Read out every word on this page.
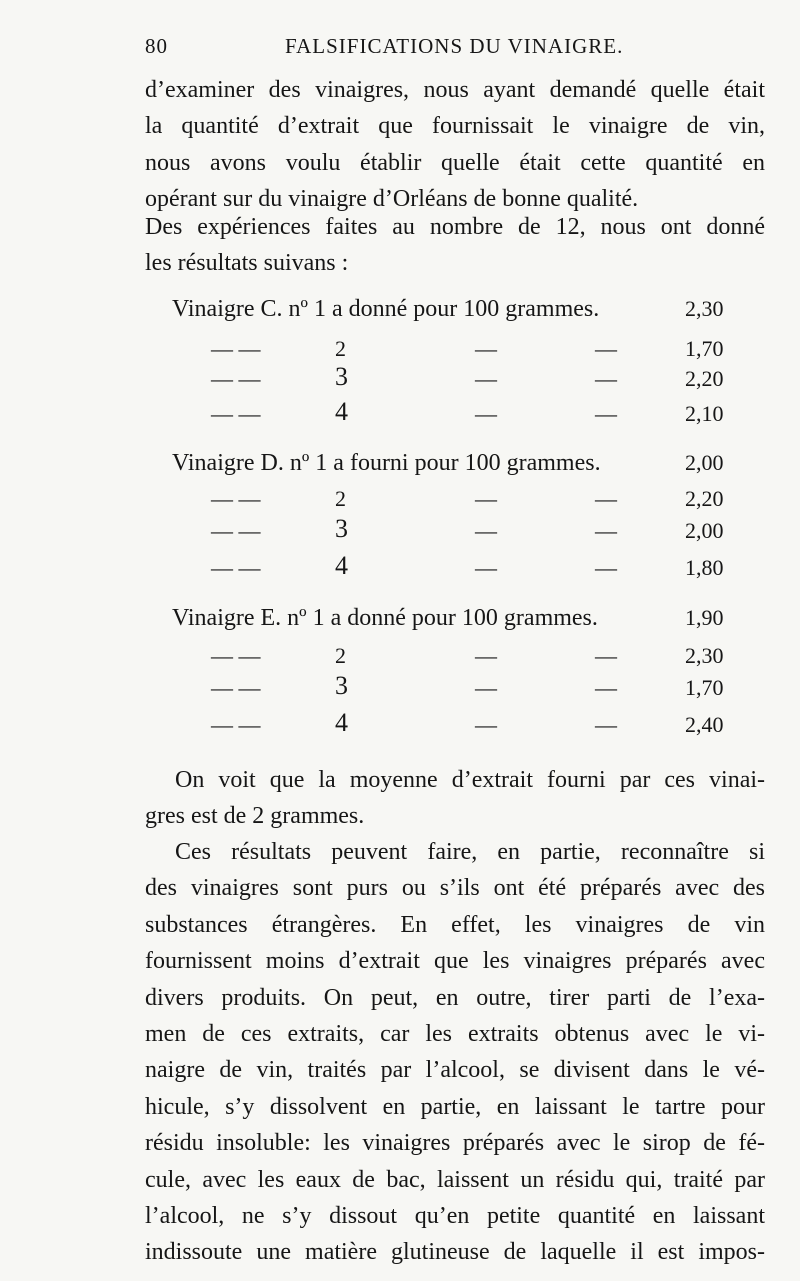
80	FALSIFICATIONS DU VINAIGRE.
d’examiner des vinaigres, nous ayant demandé quelle était
la quantité d’extrait que fournissait le vinaigre de vin,
nous avons voulu établir quelle était cette quantité en
opérant sur du vinaigre d’Orléans de bonne qualité.
Des expériences faites au nombre de 12, nous ont donné
les résultats suivans :
Vinaigre C. nº 1 a donné pour 100 grammes.	2,30
— —	2	—	—	1,70
— —	3	—	—	2,20
— —	4	—	—	2,10
Vinaigre D. nº 1 a fourni pour 100 grammes.	2,00
— —	2	—	—	2,20
— —	3	—	—	2,00
— —	4	—	—	1,80
Vinaigre E. nº 1 a donné pour 100 grammes.	1,90
— —	2	—	—	2,30
— —	3	—	—	1,70
— —	4	—	—	2,40
On voit que la moyenne d’extrait fourni par ces vinai-
gres est de 2 grammes.
Ces résultats peuvent faire, en partie, reconnaître si
des vinaigres sont purs ou s’ils ont été préparés avec des
substances étrangères. En effet, les vinaigres de vin
fournissent moins d’extrait que les vinaigres préparés avec
divers produits. On peut, en outre, tirer parti de l’exa-
men de ces extraits, car les extraits obtenus avec le vi-
naigre de vin, traités par l’alcool, se divisent dans le vé-
hicule, s’y dissolvent en partie, en laissant le tartre pour
résidu insoluble: les vinaigres préparés avec le sirop de fé-
cule, avec les eaux de bac, laissent un résidu qui, traité par
l’alcool, ne s’y dissout qu’en petite quantité en laissant
indissoute une matière glutineuse de laquelle il est impos-
